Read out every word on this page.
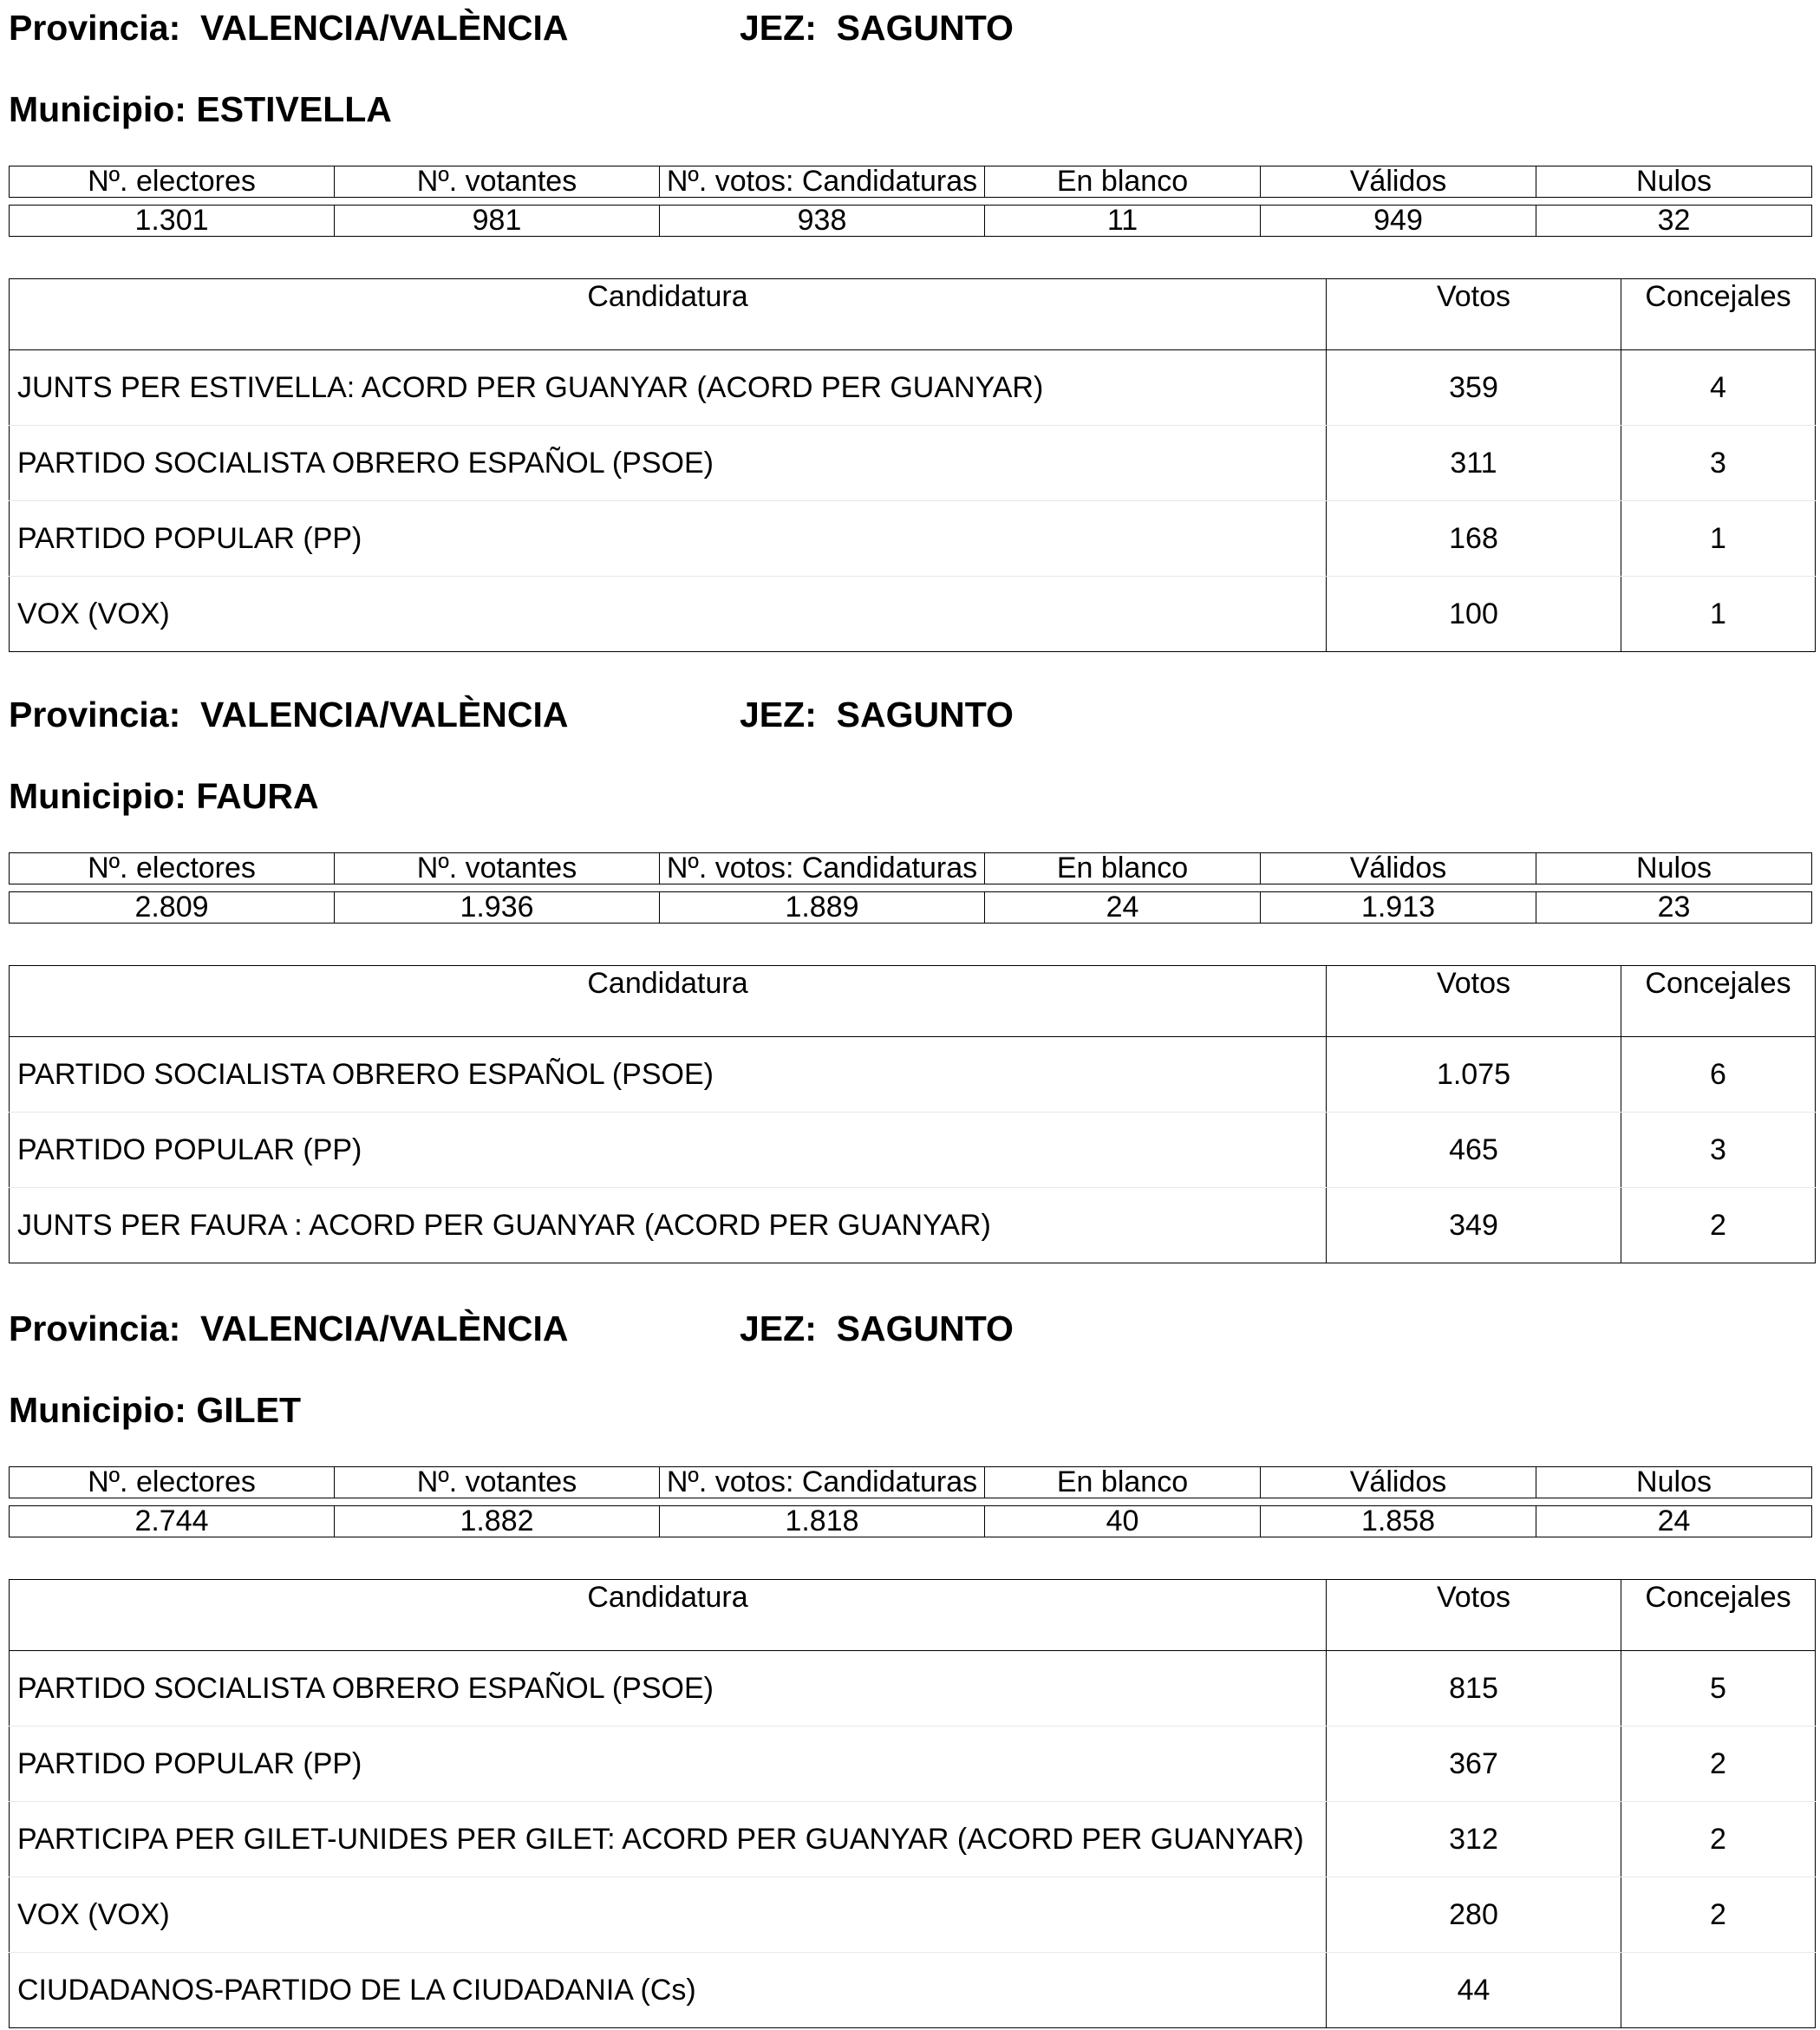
Provincia: VALENCIA/VALÈNCIA	JEZ: SAGUNTO
Municipio: ESTIVELLA
Nº. electores	Nº. votantes	Nº. votos: Candidaturas	En blanco	Válidos	Nulos

1.301	981	938	11	949	32
Candidatura	Votos	Concejales
JUNTS PER ESTIVELLA: ACORD PER GUANYAR (ACORD PER GUANYAR)	359	4
PARTIDO SOCIALISTA OBRERO ESPAÑOL (PSOE)	311	3
PARTIDO POPULAR (PP)	168	1
VOX (VOX)	100	1
Provincia: VALENCIA/VALÈNCIA	JEZ: SAGUNTO
Municipio: FAURA
Nº. electores	Nº. votantes	Nº. votos: Candidaturas	En blanco	Válidos	Nulos

2.809	1.936	1.889	24	1.913	23
Candidatura	Votos	Concejales
PARTIDO SOCIALISTA OBRERO ESPAÑOL (PSOE)	1.075	6
PARTIDO POPULAR (PP)	465	3
JUNTS PER FAURA : ACORD PER GUANYAR (ACORD PER GUANYAR)	349	2
Provincia: VALENCIA/VALÈNCIA	JEZ: SAGUNTO
Municipio: GILET
Nº. electores	Nº. votantes	Nº. votos: Candidaturas	En blanco	Válidos	Nulos

2.744	1.882	1.818	40	1.858	24
Candidatura	Votos	Concejales
PARTIDO SOCIALISTA OBRERO ESPAÑOL (PSOE)	815	5
PARTIDO POPULAR (PP)	367	2
PARTICIPA PER GILET-UNIDES PER GILET: ACORD PER GUANYAR (ACORD PER GUANYAR)	312	2
VOX (VOX)	280	2
CIUDADANOS-PARTIDO DE LA CIUDADANIA (Cs)	44	
